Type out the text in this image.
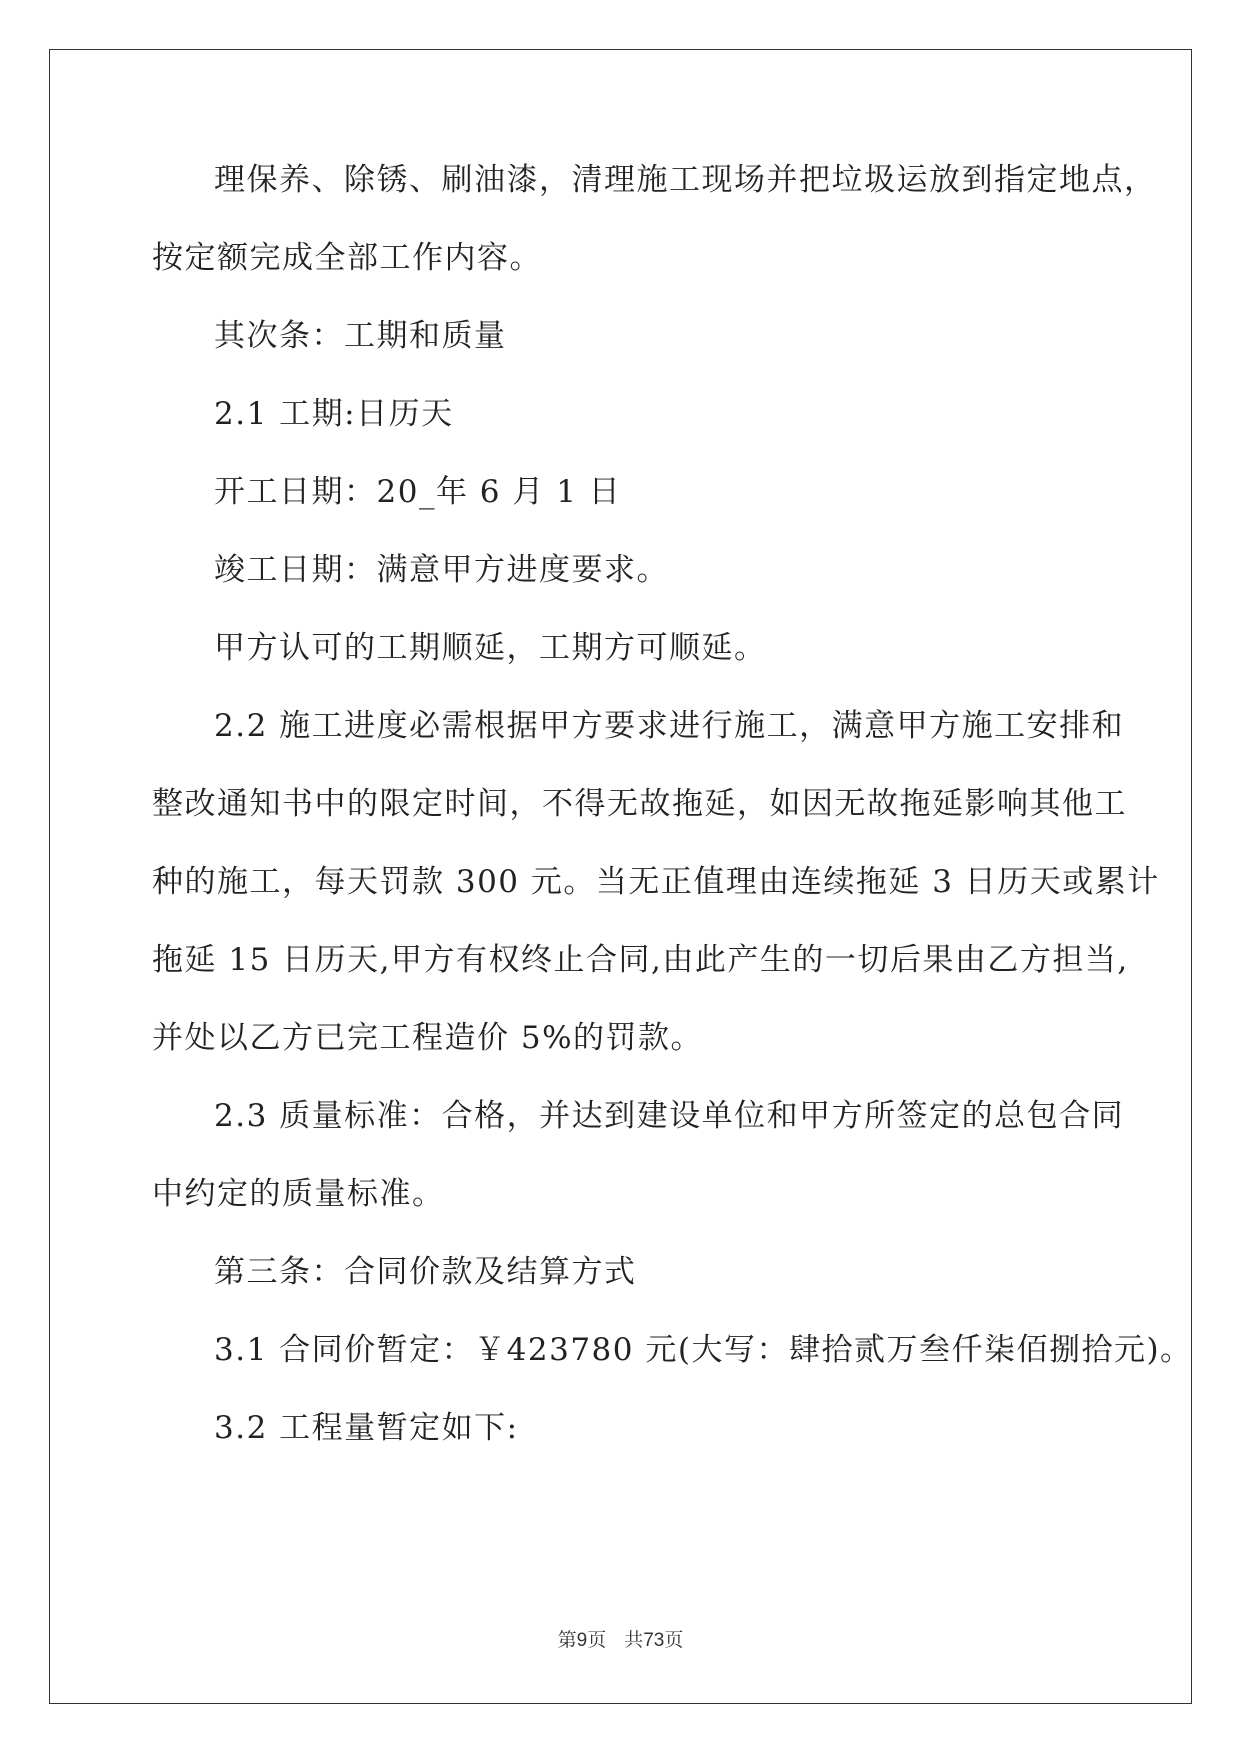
理保养、除锈、刷油漆，清理施工现场并把垃圾运放到指定地点，
按定额完成全部工作内容。
其次条：工期和质量
2.1 工期:日历天
开工日期：20_年 6 月 1 日
竣工日期：满意甲方进度要求。
甲方认可的工期顺延，工期方可顺延。
2.2 施工进度必需根据甲方要求进行施工，满意甲方施工安排和
整改通知书中的限定时间，不得无故拖延，如因无故拖延影响其他工
种的施工，每天罚款 300 元。当无正值理由连续拖延 3 日历天或累计
拖延 15 日历天,甲方有权终止合同,由此产生的一切后果由乙方担当,
并处以乙方已完工程造价 5%的罚款。
2.3 质量标准：合格，并达到建设单位和甲方所签定的总包合同
中约定的质量标准。
第三条：合同价款及结算方式
3.1 合同价暂定：￥423780 元(大写：肆拾贰万叁仟柒佰捌拾元)。
3.2 工程量暂定如下:
第9页 共73页
